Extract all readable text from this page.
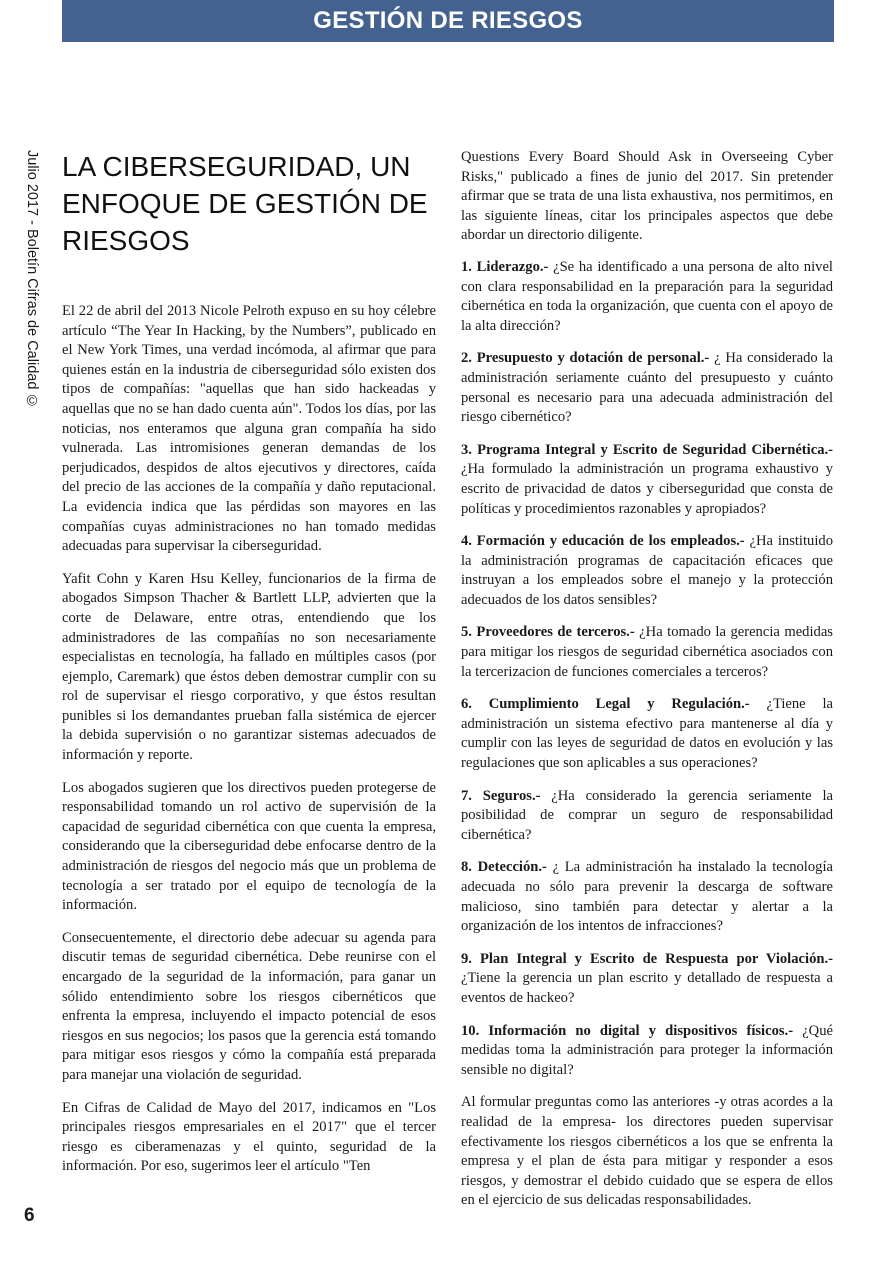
GESTIÓN DE RIESGOS
Julio 2017 - Boletín Cifras de Calidad ©
6
LA CIBERSEGURIDAD, UN ENFOQUE DE GESTIÓN DE RIESGOS

El 22 de abril del 2013 Nicole Pelroth expuso en su hoy célebre artículo “The Year In Hacking, by the Numbers”, publicado en el New York Times, una verdad incómoda, al afirmar que para quienes están en la industria de ciberseguridad sólo existen dos tipos de compañías: "aquellas que han sido hackeadas y aquellas que no se han dado cuenta aún". Todos los días, por las noticias, nos enteramos que alguna gran compañía ha sido vulnerada. Las intromisiones generan demandas de los perjudicados, despidos de altos ejecutivos y directores, caída del precio de las acciones de la compañía y daño reputacional. La evidencia indica que las pérdidas son mayores en las compañías cuyas administraciones no han tomado medidas adecuadas para supervisar la ciberseguridad.

Yafit Cohn y Karen Hsu Kelley, funcionarios de la firma de abogados Simpson Thacher & Bartlett LLP, advierten que la corte de Delaware, entre otras, entendiendo que los administradores de las compañías no son necesariamente especialistas en tecnología, ha fallado en múltiples casos (por ejemplo, Caremark) que éstos deben demostrar cumplir con su rol de supervisar el riesgo corporativo, y que éstos resultan punibles si los demandantes prueban falla sistémica de ejercer la debida supervisión o no garantizar sistemas adecuados de información y reporte.

Los abogados sugieren que los directivos pueden protegerse de responsabilidad tomando un rol activo de supervisión de la capacidad de seguridad cibernética con que cuenta la empresa, considerando que la ciberseguridad debe enfocarse dentro de la administración de riesgos del negocio más que un problema de tecnología a ser tratado por el equipo de tecnología de la información.

Consecuentemente, el directorio debe adecuar su agenda para discutir temas de seguridad cibernética. Debe reunirse con el encargado de la seguridad de la información, para ganar un sólido entendimiento sobre los riesgos cibernéticos que enfrenta la empresa, incluyendo el impacto potencial de esos riesgos en sus negocios; los pasos que la gerencia está tomando para mitigar esos riesgos y cómo la compañía está preparada para manejar una violación de seguridad.

En Cifras de Calidad de Mayo del 2017, indicamos en "Los principales riesgos empresariales en el 2017" que el tercer riesgo es ciberamenazas y el quinto, seguridad de la información. Por eso, sugerimos leer el artículo "Ten

Questions Every Board Should Ask in Overseeing Cyber Risks," publicado a fines de junio del 2017. Sin pretender afirmar que se trata de una lista exhaustiva, nos permitimos, en las siguiente líneas, citar los principales aspectos que debe abordar un directorio diligente.

1. Liderazgo.- ¿Se ha identificado a una persona de alto nivel con clara responsabilidad en la preparación para la seguridad cibernética en toda la organización, que cuenta con el apoyo de la alta dirección?

2. Presupuesto y dotación de personal.- ¿ Ha considerado la administración seriamente cuánto del presupuesto y cuánto personal es necesario para una adecuada administración del riesgo cibernético?

3. Programa Integral y Escrito de Seguridad Cibernética.- ¿Ha formulado la administración un programa exhaustivo y escrito de privacidad de datos y ciberseguridad que consta de políticas y procedimientos razonables y apropiados?

4. Formación y educación de los empleados.- ¿Ha instituido la administración programas de capacitación eficaces que instruyan a los empleados sobre el manejo y la protección adecuados de los datos sensibles?

5. Proveedores de terceros.- ¿Ha tomado la gerencia medidas para mitigar los riesgos de seguridad cibernética asociados con la tercerizacion de funciones comerciales a terceros?

6. Cumplimiento Legal y Regulación.- ¿Tiene la administración un sistema efectivo para mantenerse al día y cumplir con las leyes de seguridad de datos en evolución y las regulaciones que son aplicables a sus operaciones?

7. Seguros.- ¿Ha considerado la gerencia seriamente la posibilidad de comprar un seguro de responsabilidad cibernética?

8. Detección.- ¿ La administración ha instalado la tecnología adecuada no sólo para prevenir la descarga de software malicioso, sino también para detectar y alertar a la organización de los intentos de infracciones?

9. Plan Integral y Escrito de Respuesta por Violación.- ¿Tiene la gerencia un plan escrito y detallado de respuesta a eventos de hackeo?

10. Información no digital y dispositivos físicos.- ¿Qué medidas toma la administración para proteger la información sensible no digital?

Al formular preguntas como las anteriores -y otras acordes a la realidad de la empresa- los directores pueden supervisar efectivamente los riesgos cibernéticos a los que se enfrenta la empresa y el plan de ésta para mitigar y responder a esos riesgos, y demostrar el debido cuidado que se espera de ellos en el ejercicio de sus delicadas responsabilidades.
